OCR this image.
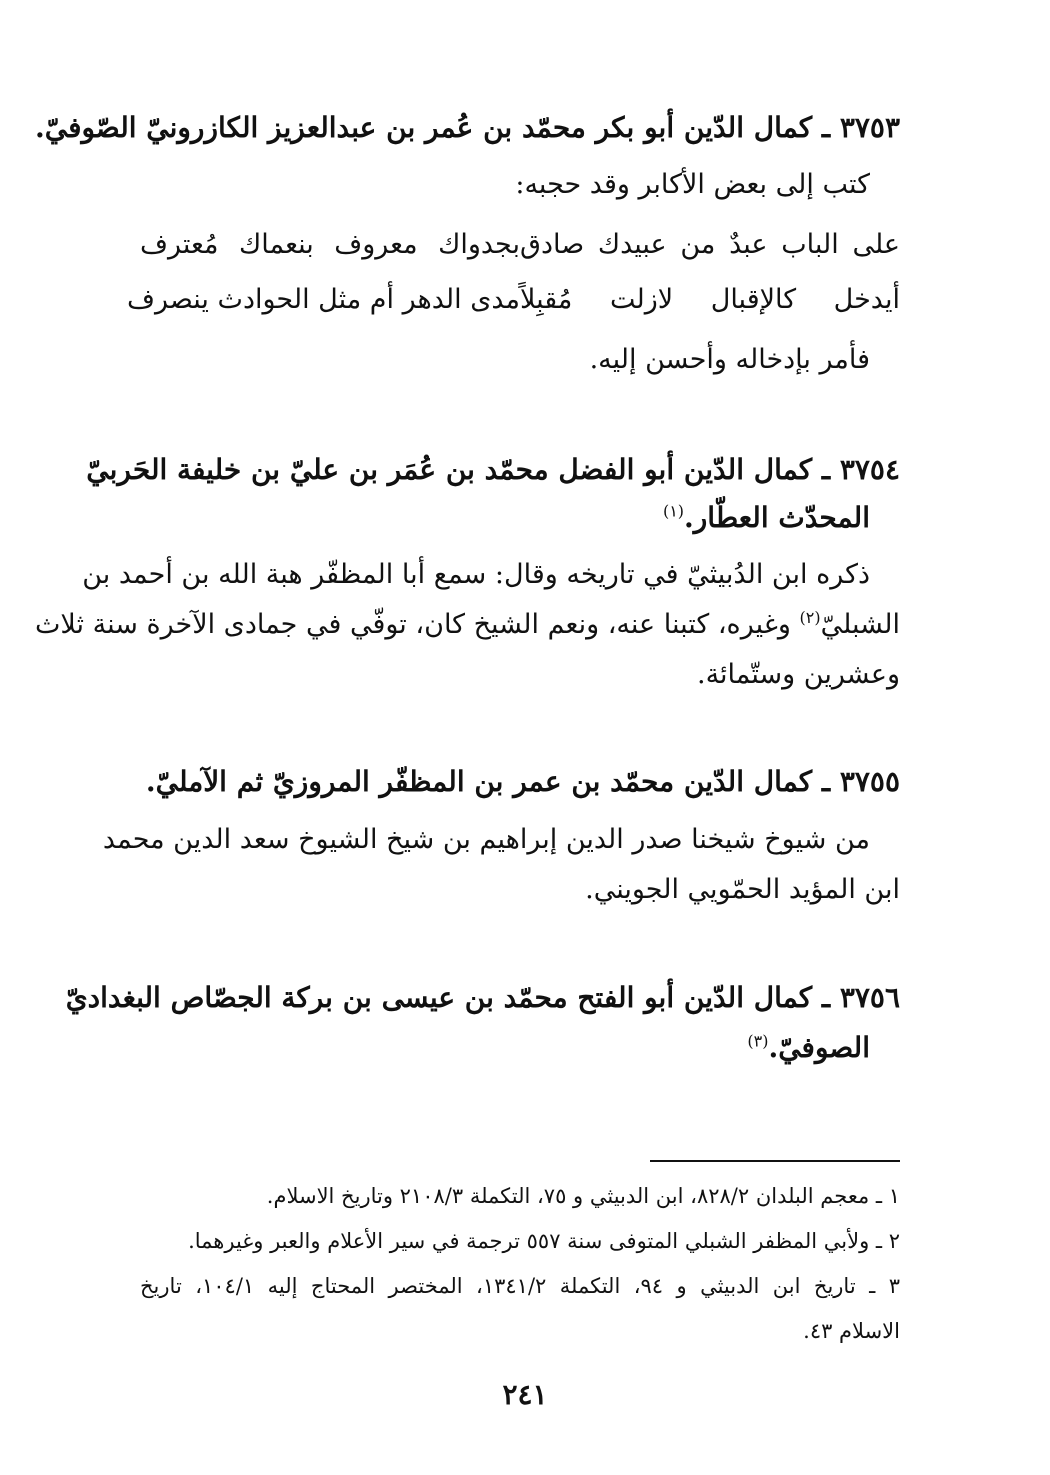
٣٧٥٣ ـ كمال الدّين أبو بكر محمّد بن عُمر بن عبدالعزيز الكازرونيّ الصّوفيّ.
كتب إلى بعض الأكابر وقد حجبه:
على الباب عبدٌ من عبيدك صادق
بجدواك معروف بنعماك مُعترف
أيدخل كالإقبال لازلت مُقبِلاً
مدى الدهر أم مثل الحوادث ينصرف
فأمر بإدخاله وأحسن إليه.
٣٧٥٤ ـ كمال الدّين أبو الفضل محمّد بن عُمَر بن عليّ بن خليفة الحَربيّ
المحدّث العطّار.$^{(١)}$
ذكره ابن الدُبيثيّ في تاريخه وقال: سمع أبا المظفّر هبة الله بن أحمد بن
الشبليّ$^{(٢)}$ وغيره، كتبنا عنه، ونعم الشيخ كان، توفّي في جمادى الآخرة سنة ثلاث
وعشرين وستّمائة.
٣٧٥٥ ـ كمال الدّين محمّد بن عمر بن المظفّر المروزيّ ثم الآمليّ.
من شيوخ شيخنا صدر الدين إبراهيم بن شيخ الشيوخ سعد الدين محمد
ابن المؤيد الحمّويي الجويني.
٣٧٥٦ ـ كمال الدّين أبو الفتح محمّد بن عيسى بن بركة الجصّاص البغداديّ
الصوفيّ.$^{(٣)}$
١ ـ معجم البلدان ٨٢٨/٢، ابن الدبيثي و ٧٥، التكملة ٢١٠٨/٣ وتاريخ الاسلام.
٢ ـ ولأبي المظفر الشبلي المتوفى سنة ٥٥٧ ترجمة في سير الأعلام والعبر وغيرهما.
٣ ـ تاريخ ابن الدبيثي و ٩٤، التكملة ١٣٤١/٢، المختصر المحتاج إليه ١٠٤/١، تاريخ
الاسلام ٤٣.
٢٤١
